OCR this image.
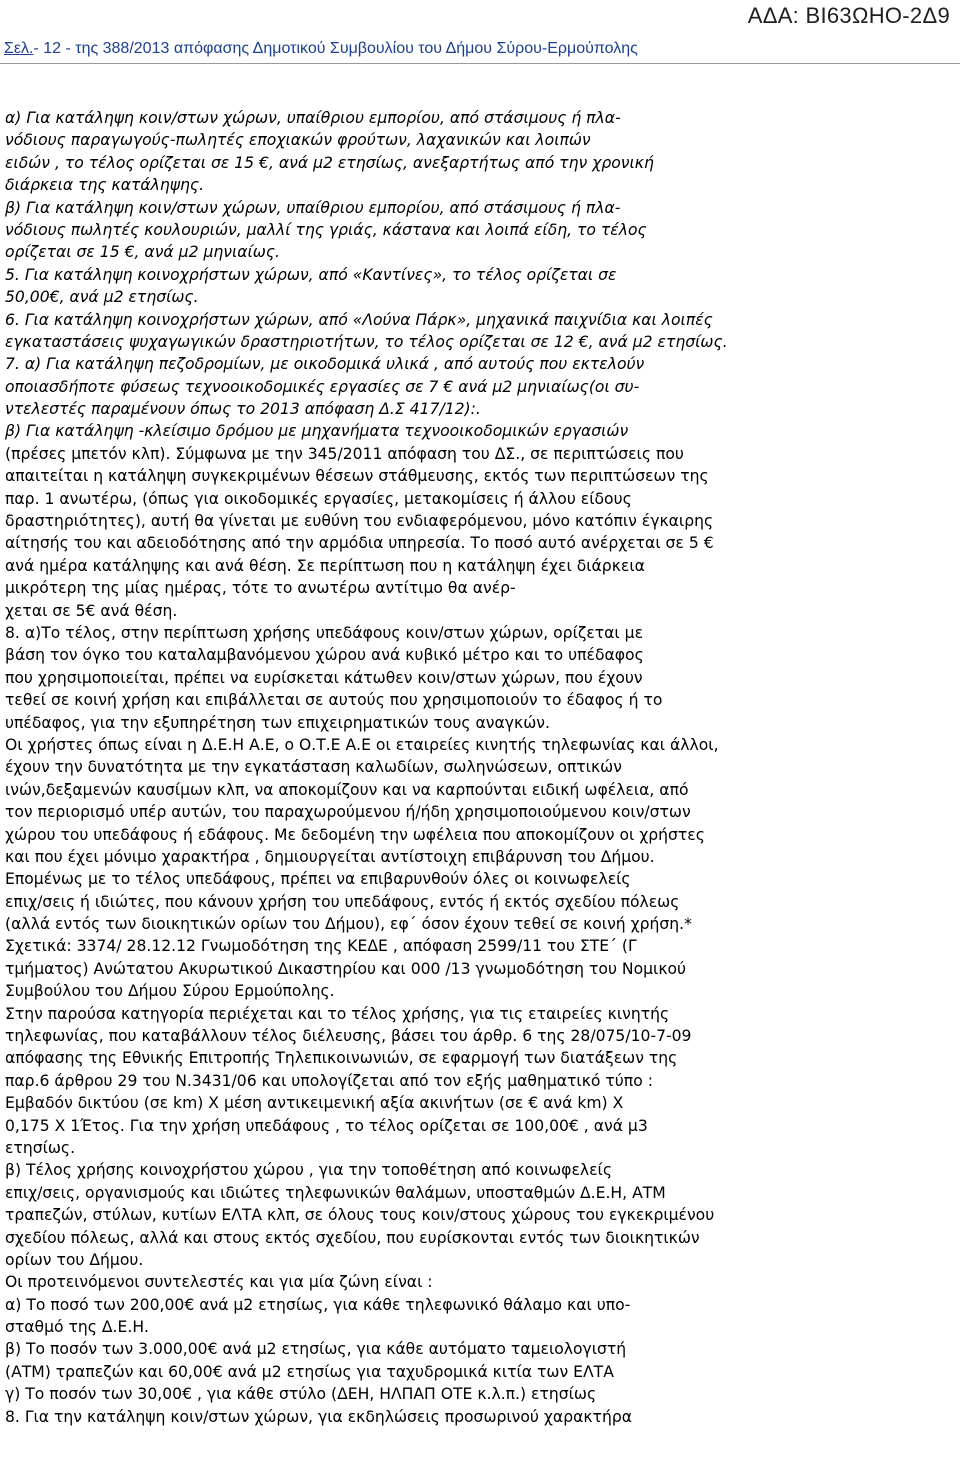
ΑΔΑ: ΒΙ63ΩΗΟ-2Δ9
Σελ.- 12 - της 388/2013 απόφασης Δημοτικού Συμβουλίου του Δήμου Σύρου-Ερμούπολης
α) Για κατάληψη κοιν/στων χώρων, υπαίθριου εμπορίου, από στάσιμους ή πλα-
νόδιους παραγωγούς-πωλητές εποχιακών φρούτων, λαχανικών και λοιπών
ειδών , το τέλος ορίζεται σε 15 €, ανά μ2 ετησίως, ανεξαρτήτως από την χρονική
διάρκεια της κατάληψης.
β) Για κατάληψη κοιν/στων χώρων, υπαίθριου εμπορίου, από στάσιμους ή πλα-
νόδιους πωλητές κουλουριών, μαλλί της γριάς, κάστανα και λοιπά είδη, το τέλος
ορίζεται σε 15 €, ανά μ2 μηνιαίως.
5. Για κατάληψη κοινοχρήστων χώρων, από «Καντίνες», το τέλος ορίζεται σε
50,00€, ανά μ2 ετησίως.
6. Για κατάληψη κοινοχρήστων χώρων, από «Λούνα Πάρκ», μηχανικά παιχνίδια και λοιπές
εγκαταστάσεις ψυχαγωγικών δραστηριοτήτων, το τέλος ορίζεται σε 12 €, ανά μ2 ετησίως.
7. α) Για κατάληψη πεζοδρομίων, με οικοδομικά υλικά , από αυτούς που εκτελούν
οποιασδήποτε φύσεως τεχνοοικοδομικές εργασίες σε 7 € ανά μ2 μηνιαίως(οι συ-
ντελεστές παραμένουν όπως το 2013 απόφαση Δ.Σ 417/12):.
β) Για κατάληψη -κλείσιμο δρόμου με μηχανήματα τεχνοοικοδομικών εργασιών
(πρέσες μπετόν κλπ). Σύμφωνα με την 345/2011 απόφαση του ΔΣ., σε περιπτώσεις που
απαιτείται η κατάληψη συγκεκριμένων θέσεων στάθμευσης, εκτός των περιπτώσεων της
παρ. 1 ανωτέρω, (όπως για οικοδομικές εργασίες, μετακομίσεις ή άλλου είδους
δραστηριότητες), αυτή θα γίνεται με ευθύνη του ενδιαφερόμενου, μόνο κατόπιν έγκαιρης
αίτησής του και αδειοδότησης από την αρμόδια υπηρεσία. Το ποσό αυτό ανέρχεται σε 5 €
ανά ημέρα κατάληψης και ανά θέση. Σε περίπτωση που η κατάληψη έχει διάρκεια
μικρότερη της μίας ημέρας, τότε το ανωτέρω αντίτιμο θα ανέρ-
χεται σε 5€ ανά θέση.
8. α)Το τέλος, στην περίπτωση χρήσης υπεδάφους κοιν/στων χώρων, ορίζεται με
βάση τον όγκο του καταλαμβανόμενου χώρου ανά κυβικό μέτρο και το υπέδαφος
που χρησιμοποιείται, πρέπει να ευρίσκεται κάτωθεν κοιν/στων χώρων, που έχουν
τεθεί σε κοινή χρήση και επιβάλλεται σε αυτούς που χρησιμοποιούν το έδαφος ή το
υπέδαφος, για την εξυπηρέτηση των επιχειρηματικών τους αναγκών.
Οι χρήστες όπως είναι η Δ.Ε.Η Α.Ε, ο Ο.Τ.Ε Α.Ε οι εταιρείες κινητής τηλεφωνίας και άλλοι,
έχουν την δυνατότητα με την εγκατάσταση καλωδίων, σωληνώσεων, οπτικών
ινών,δεξαμενών καυσίμων κλπ, να αποκομίζουν και να καρπούνται ειδική ωφέλεια, από
τον περιορισμό υπέρ αυτών, του παραχωρούμενου ή/ήδη χρησιμοποιούμενου κοιν/στων
χώρου του υπεδάφους ή εδάφους. Με δεδομένη την ωφέλεια που αποκομίζουν οι χρήστες
και που έχει μόνιμο χαρακτήρα , δημιουργείται αντίστοιχη επιβάρυνση του Δήμου.
Επομένως με το τέλος υπεδάφους, πρέπει να επιβαρυνθούν όλες οι κοινωφελείς
επιχ/σεις ή ιδιώτες, που κάνουν χρήση του υπεδάφους, εντός ή εκτός σχεδίου πόλεως
(αλλά εντός των διοικητικών ορίων του Δήμου), εφ΄ όσον έχουν τεθεί σε κοινή χρήση.*
Σχετικά: 3374/ 28.12.12 Γνωμοδότηση της ΚΕΔΕ , απόφαση 2599/11 του ΣΤΕ΄ (Γ
τμήματος) Ανώτατου Ακυρωτικού Δικαστηρίου και 000 /13 γνωμοδότηση του Νομικού
Συμβούλου του Δήμου Σύρου Ερμούπολης.
Στην παρούσα κατηγορία περιέχεται και το τέλος χρήσης, για τις εταιρείες κινητής
τηλεφωνίας, που καταβάλλουν τέλος διέλευσης, βάσει του άρθρ. 6 της 28/075/10-7-09
απόφασης της Εθνικής Επιτροπής Τηλεπικοινωνιών, σε εφαρμογή των διατάξεων της
παρ.6 άρθρου 29 του Ν.3431/06 και υπολογίζεται από τον εξής μαθηματικό τύπο :
Εμβαδόν δικτύου (σε km) Χ μέση αντικειμενική αξία ακινήτων (σε € ανά km) Χ
0,175 Χ 1Έτος. Για την χρήση υπεδάφους , το τέλος ορίζεται σε 100,00€ , ανά μ3
ετησίως.
β) Τέλος χρήσης κοινοχρήστου χώρου , για την τοποθέτηση από κοινωφελείς
επιχ/σεις, οργανισμούς και ιδιώτες τηλεφωνικών θαλάμων, υποσταθμών Δ.Ε.Η, ΑΤΜ
τραπεζών, στύλων, κυτίων ΕΛΤΑ κλπ, σε όλους τους κοιν/στους χώρους του εγκεκριμένου
σχεδίου πόλεως, αλλά και στους εκτός σχεδίου, που ευρίσκονται εντός των διοικητικών
ορίων του Δήμου.
Οι προτεινόμενοι συντελεστές και για μία ζώνη είναι :
α) Το ποσό των 200,00€ ανά μ2 ετησίως, για κάθε τηλεφωνικό θάλαμο και υπο-
σταθμό της Δ.Ε.Η.
β) Το ποσόν των 3.000,00€ ανά μ2 ετησίως, για κάθε αυτόματο ταμειολογιστή
(ΑΤΜ) τραπεζών και 60,00€ ανά μ2 ετησίως για ταχυδρομικά κιτία των ΕΛΤΑ
γ) Το ποσόν των 30,00€ , για κάθε στύλο (ΔΕΗ, ΗΛΠΑΠ ΟΤΕ κ.λ.π.) ετησίως
8. Για την κατάληψη κοιν/στων χώρων, για εκδηλώσεις προσωρινού χαρακτήρα
